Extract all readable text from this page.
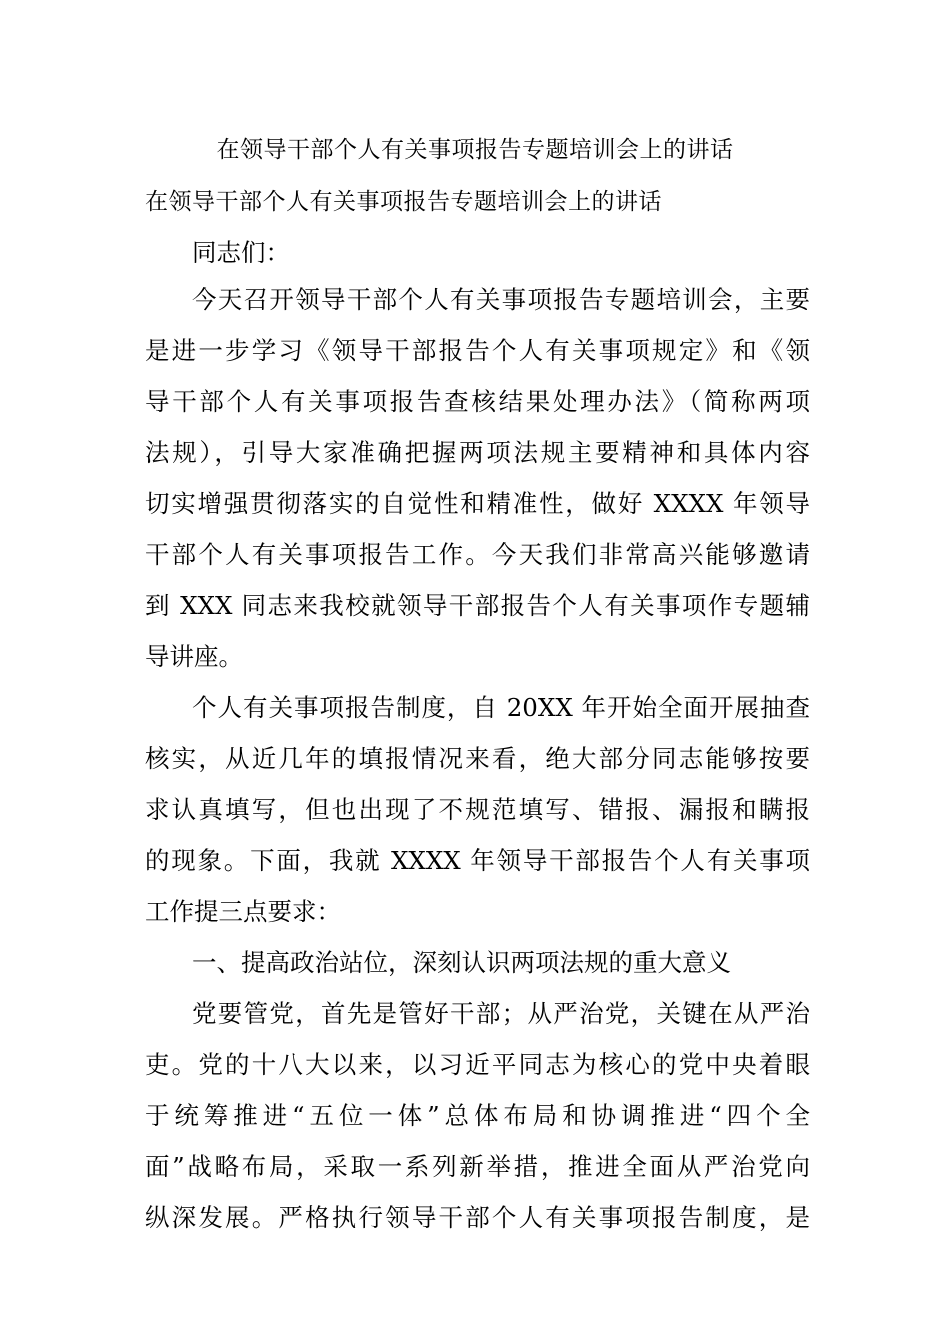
在领导干部个人有关事项报告专题培训会上的讲话
在领导干部个人有关事项报告专题培训会上的讲话
同志们：
今天召开领导干部个人有关事项报告专题培训会，主要
是进一步学习《领导干部报告个人有关事项规定》和《领
导干部个人有关事项报告查核结果处理办法》（简称两项
法规），引导大家准确把握两项法规主要精神和具体内容
切实增强贯彻落实的自觉性和精准性，做好 XXXX 年领导
干部个人有关事项报告工作。今天我们非常高兴能够邀请
到 XXX 同志来我校就领导干部报告个人有关事项作专题辅
导讲座。
个人有关事项报告制度，自 20XX 年开始全面开展抽查
核实，从近几年的填报情况来看，绝大部分同志能够按要
求认真填写，但也出现了不规范填写、错报、漏报和瞒报
的现象。下面，我就 XXXX 年领导干部报告个人有关事项
工作提三点要求：
一、提高政治站位，深刻认识两项法规的重大意义
党要管党，首先是管好干部；从严治党，关键在从严治
吏。党的十八大以来，以习近平同志为核心的党中央着眼
于统筹推进“五位一体”总体布局和协调推进“四个全
面”战略布局，采取一系列新举措，推进全面从严治党向
纵深发展。严格执行领导干部个人有关事项报告制度，是
